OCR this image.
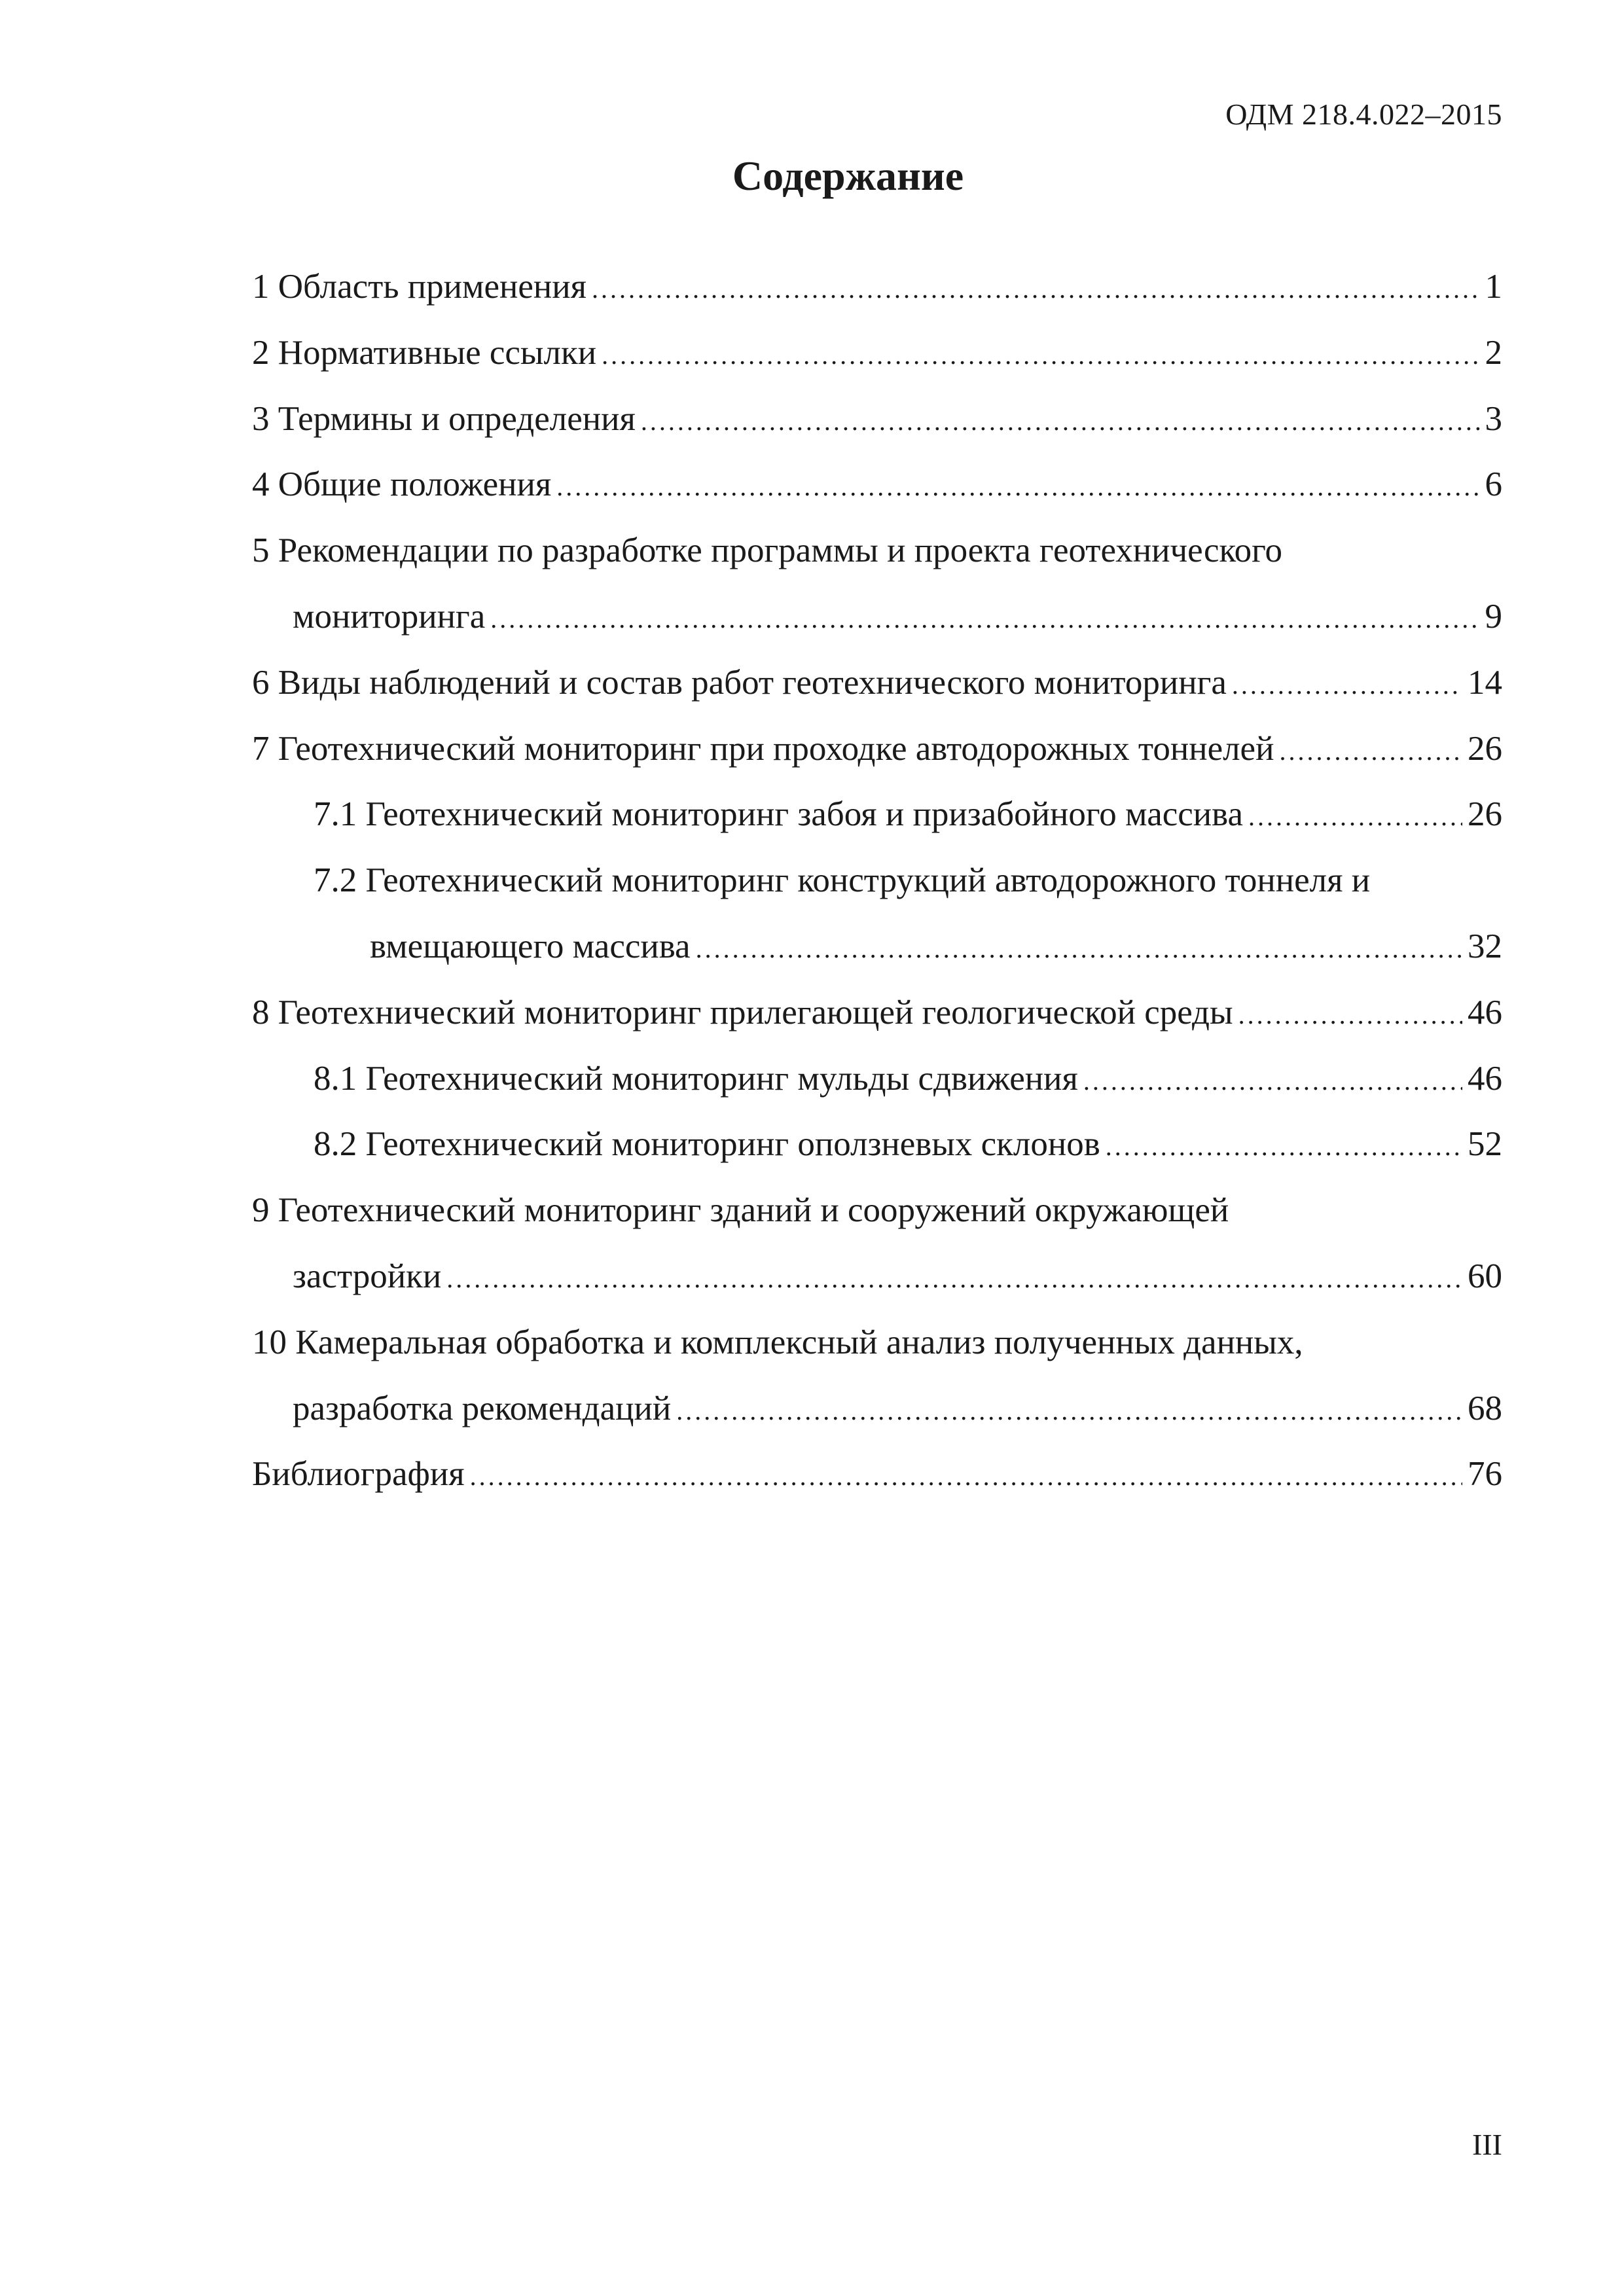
ОДМ 218.4.022–2015
Содержание
1 Область применения . . .	1
2 Нормативные ссылки . . .	2
3 Термины и определения . . .	3
4 Общие положения . . .	6
5 Рекомендации по разработке программы и проекта геотехнического
мониторинга . . .	9
6 Виды наблюдений и состав работ геотехнического мониторинга . . .	14
7 Геотехнический мониторинг при проходке автодорожных тоннелей . . .	26
7.1 Геотехнический мониторинг забоя и призабойного массива . . .	26
7.2 Геотехнический мониторинг конструкций автодорожного тоннеля и
вмещающего массива . . .	32
8 Геотехнический мониторинг прилегающей геологической среды . . .	46
8.1 Геотехнический мониторинг мульды сдвижения . . .	46
8.2 Геотехнический мониторинг оползневых склонов . . .	52
9 Геотехнический мониторинг зданий и сооружений окружающей
застройки . . .	60
10 Камеральная обработка и комплексный анализ полученных данных,
разработка рекомендаций . . .	68
Библиография . . .	76
III
